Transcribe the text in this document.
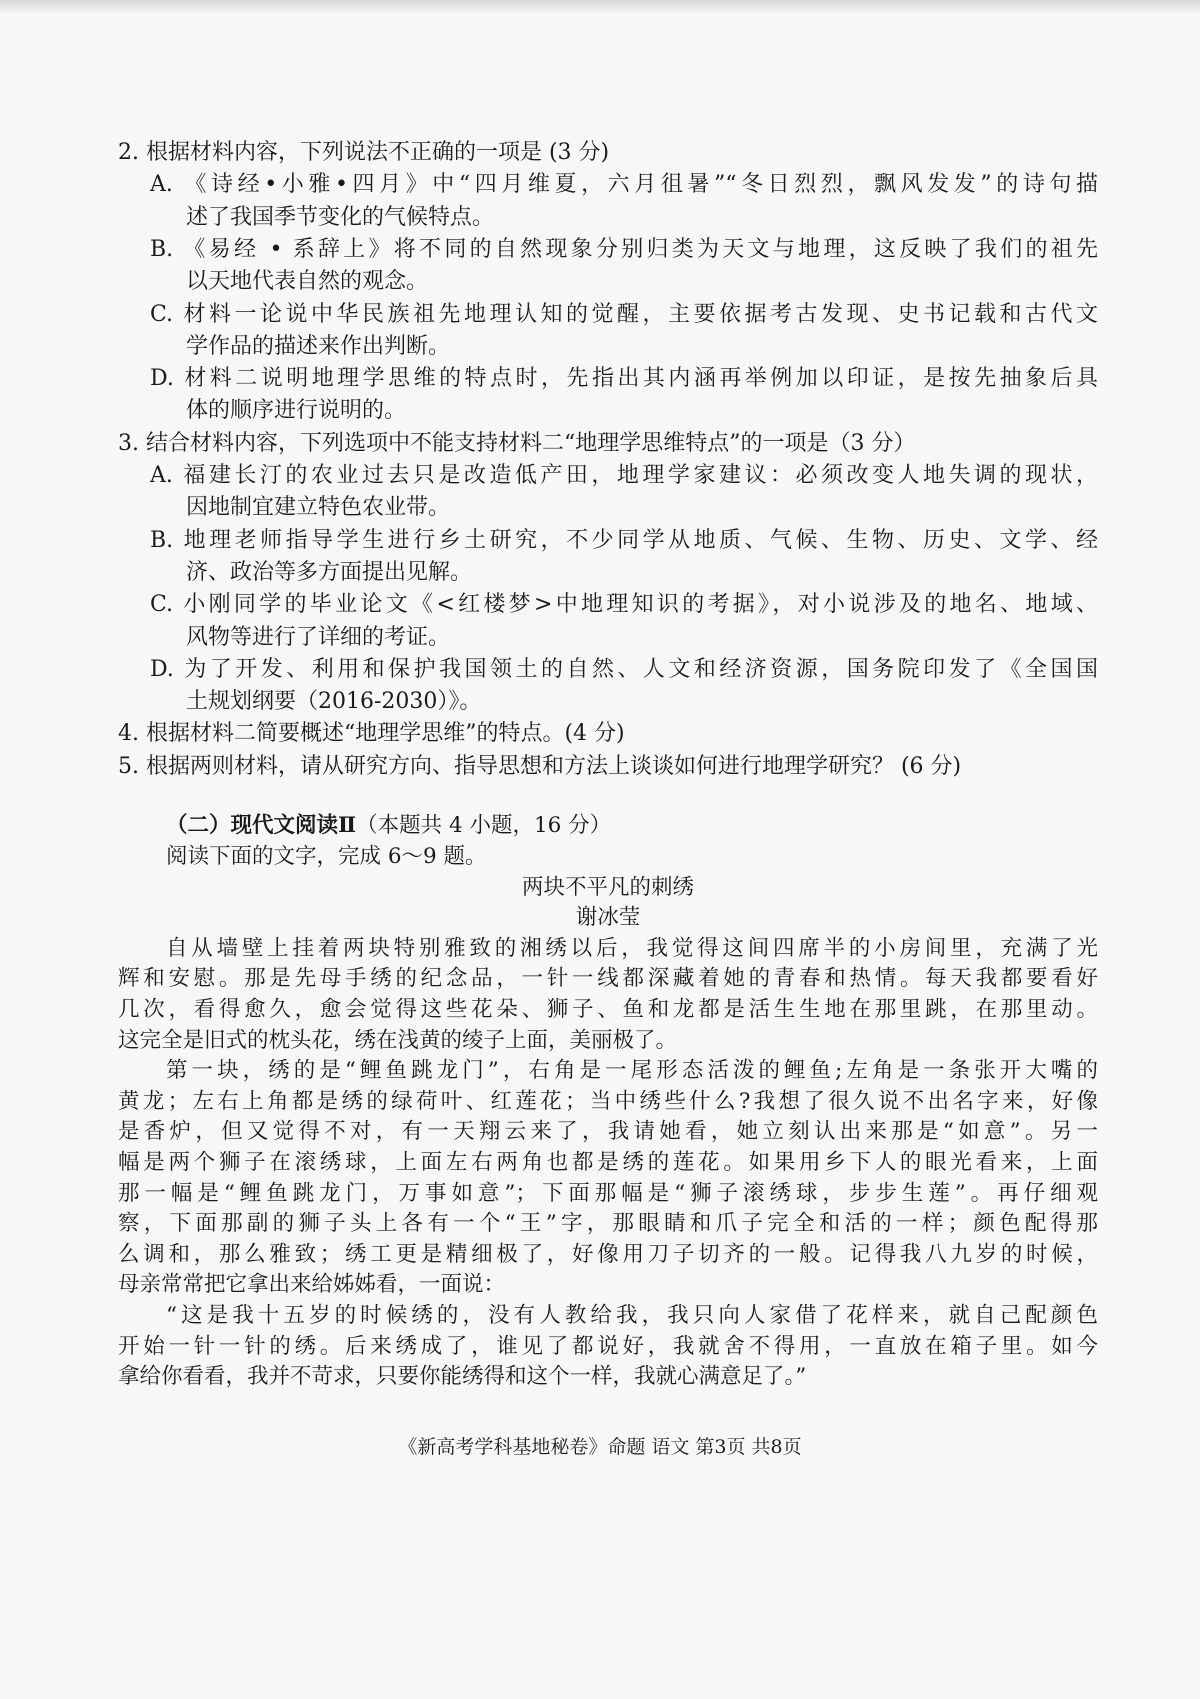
2. 根据材料内容，下列说法不正确的一项是 (3 分)
A. 《诗经•小雅•四月》中“四月维夏，六月徂暑”“冬日烈烈，飘风发发”的诗句描
述了我国季节变化的气候特点。
B. 《易经 • 系辞上》将不同的自然现象分别归类为天文与地理，这反映了我们的祖先
以天地代表自然的观念。
C. 材料一论说中华民族祖先地理认知的觉醒，主要依据考古发现、史书记载和古代文
学作品的描述来作出判断。
D. 材料二说明地理学思维的特点时，先指出其内涵再举例加以印证，是按先抽象后具
体的顺序进行说明的。
3. 结合材料内容，下列选项中不能支持材料二“地理学思维特点”的一项是（3 分）
A. 福建长汀的农业过去只是改造低产田，地理学家建议：必须改变人地失调的现状，
因地制宜建立特色农业带。
B. 地理老师指导学生进行乡土研究，不少同学从地质、气候、生物、历史、文学、经
济、政治等多方面提出见解。
C. 小刚同学的毕业论文《<红楼梦>中地理知识的考据》，对小说涉及的地名、地域、
风物等进行了详细的考证。
D. 为了开发、利用和保护我国领土的自然、人文和经济资源，国务院印发了《全国国
土规划纲要（2016-2030）》。
4. 根据材料二简要概述“地理学思维”的特点。(4 分)
5. 根据两则材料，请从研究方向、指导思想和方法上谈谈如何进行地理学研究？ (6 分)
（二）现代文阅读Ⅱ（本题共 4 小题，16 分）
阅读下面的文字，完成 6～9 题。
两块不平凡的刺绣
谢冰莹
自从墙壁上挂着两块特别雅致的湘绣以后，我觉得这间四席半的小房间里，充满了光
辉和安慰。那是先母手绣的纪念品，一针一线都深藏着她的青春和热情。每天我都要看好
几次，看得愈久，愈会觉得这些花朵、狮子、鱼和龙都是活生生地在那里跳，在那里动。
这完全是旧式的枕头花，绣在浅黄的绫子上面，美丽极了。
第一块，绣的是“鲤鱼跳龙门”，右角是一尾形态活泼的鲤鱼;左角是一条张开大嘴的
黄龙；左右上角都是绣的绿荷叶、红莲花；当中绣些什么?我想了很久说不出名字来，好像
是香炉，但又觉得不对，有一天翔云来了，我请她看，她立刻认出来那是“如意”。另一
幅是两个狮子在滚绣球，上面左右两角也都是绣的莲花。如果用乡下人的眼光看来，上面
那一幅是“鲤鱼跳龙门，万事如意”；下面那幅是“狮子滚绣球，步步生莲”。再仔细观
察，下面那副的狮子头上各有一个“王”字，那眼睛和爪子完全和活的一样；颜色配得那
么调和，那么雅致；绣工更是精细极了，好像用刀子切齐的一般。记得我八九岁的时候，
母亲常常把它拿出来给姊姊看，一面说：
“这是我十五岁的时候绣的，没有人教给我，我只向人家借了花样来，就自己配颜色
开始一针一针的绣。后来绣成了，谁见了都说好，我就舍不得用，一直放在箱子里。如今
拿给你看看，我并不苛求，只要你能绣得和这个一样，我就心满意足了。”
《新高考学科基地秘卷》命题 语文 第3页 共8页
